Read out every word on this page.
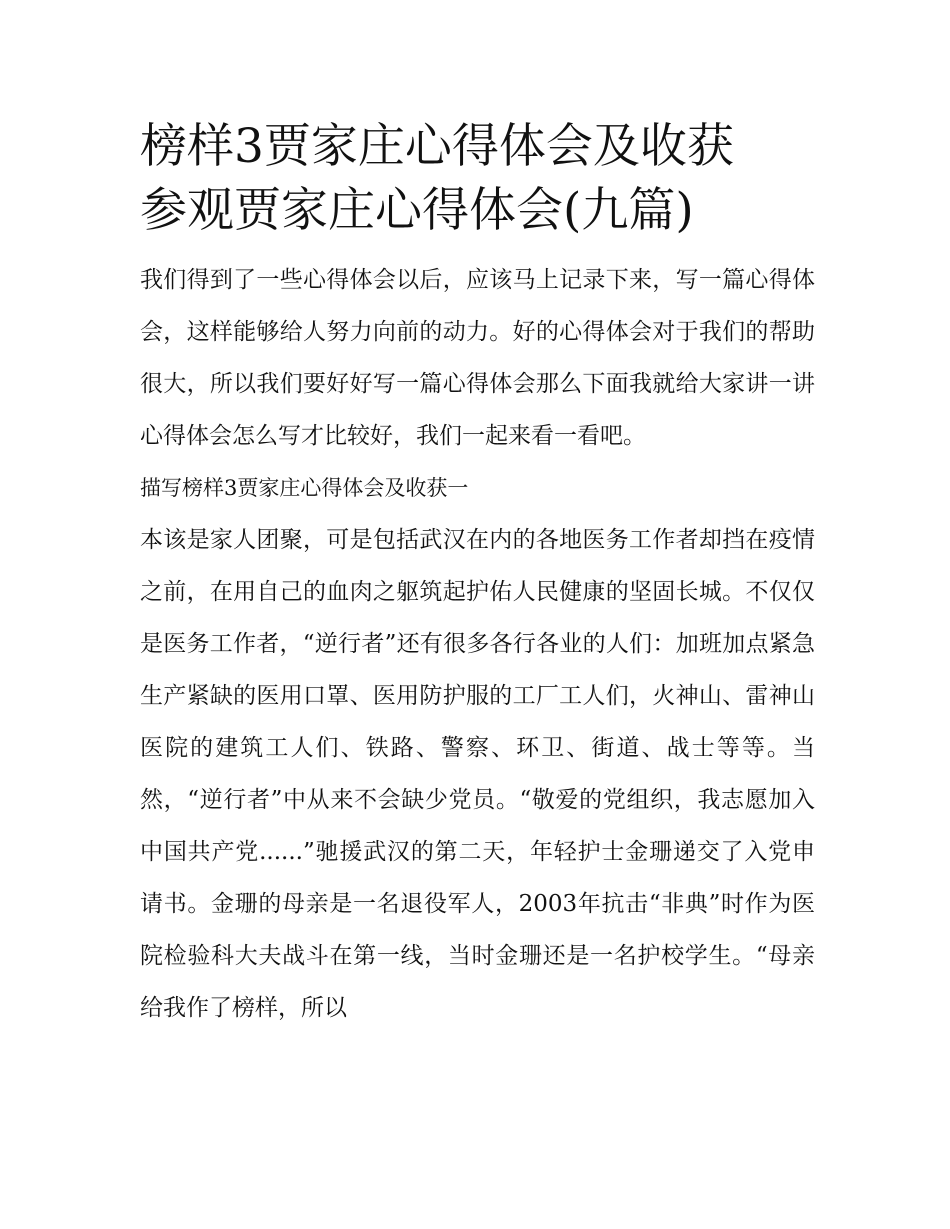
榜样3贾家庄心得体会及收获
参观贾家庄心得体会(九篇)

我们得到了一些心得体会以后，应该马上记录下来，写一篇心得体会，这样能够给人努力向前的动力。好的心得体会对于我们的帮助很大，所以我们要好好写一篇心得体会那么下面我就给大家讲一讲心得体会怎么写才比较好，我们一起来看一看吧。

描写榜样3贾家庄心得体会及收获一

本该是家人团聚，可是包括武汉在内的各地医务工作者却挡在疫情之前，在用自己的血肉之躯筑起护佑人民健康的坚固长城。不仅仅是医务工作者，“逆行者”还有很多各行各业的人们：加班加点紧急生产紧缺的医用口罩、医用防护服的工厂工人们，火神山、雷神山医院的建筑工人们、铁路、警察、环卫、街道、战士等等。当然，“逆行者”中从来不会缺少党员。“敬爱的党组织，我志愿加入中国共产党......”驰援武汉的第二天，年轻护士金珊递交了入党申请书。金珊的母亲是一名退役军人，2003年抗击“非典”时作为医院检验科大夫战斗在第一线，当时金珊还是一名护校学生。“母亲给我作了榜样，所以
